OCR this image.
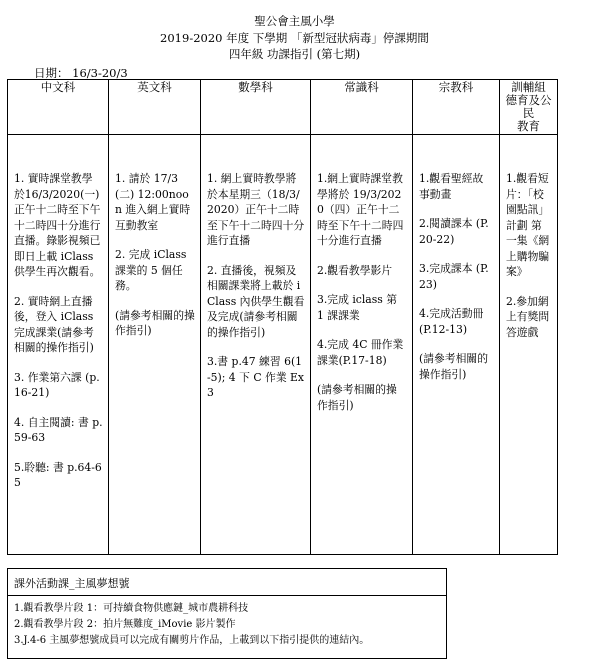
聖公會主風小學
2019-2020 年度 下學期 「新型冠狀病毒」停課期間
四年級 功課指引 (第七期)
日期： 16/3-20/3
中文科	英文科	數學科	常識科	宗教科	訓輔組
德育及公民
教育

1. 實時課堂教學於16/3/2020(一) 正午十二時至下午十二時四十分進行直播。錄影視頻已即日上載 iClass 供學生再次觀看。
2. 實時網上直播後，登入 iClass 完成課業(請參考相關的操作指引)
3. 作業第六課 (p.16-21)
4. 自主閱讀: 書 p.59-63
5.聆聽: 書 p.64-65	1. 請於 17/3(二) 12:00noon 進入網上實時互動教室
2. 完成 iClass 課業的 5 個任務。
(請參考相關的操作指引)	1. 網上實時教學將於本星期三（18/3/2020）正午十二時至下午十二時四十分進行直播
2. 直播後，視頻及相關課業將上載於 iClass 內供學生觀看及完成(請參考相關的操作指引)
3.書 p.47 練習 6(1-5); 4 下 C 作業 Ex3	1.網上實時課堂教學將於 19/3/2020（四）正午十二時至下午十二時四十分進行直播
2.觀看教學影片
3.完成 iclass 第 1 課課業
4.完成 4C 冊作業 課業(P.17-18)
(請參考相關的操作指引)	1.觀看聖經故事動畫
2.閱讀課本 (P.20-22)
3.完成課本 (P.23)
4.完成活動冊 (P.12-13)
(請參考相關的操作指引)	1.觀看短片：「校園點訊」計劃 第一集《網上購物騙案》
2.參加網上有獎問答遊戲
課外活動課_主風夢想號
1.觀看教學片段 1：可持續食物供應鏈_城市農耕科技
2.觀看教學片段 2：拍片無難度_iMovie 影片製作
3.J.4-6 主風夢想號成員可以完成有關剪片作品，上載到以下指引提供的連結內。
